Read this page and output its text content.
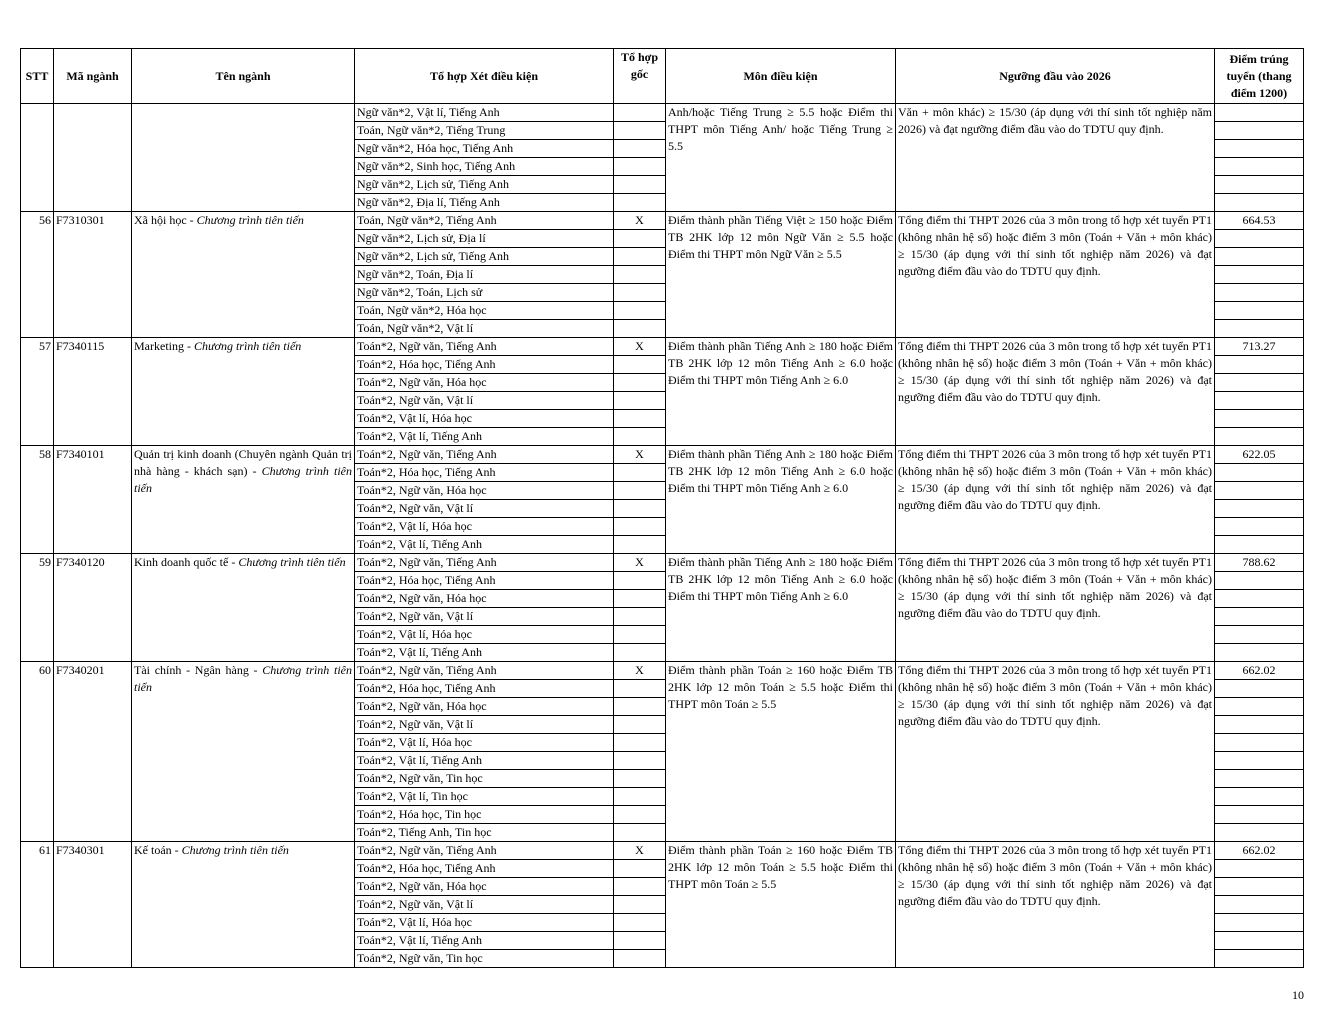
STT	Mã ngành	Tên ngành	Tổ hợp Xét điều kiện	Tổ hợp gốc	Môn điều kiện	Ngưỡng đầu vào 2026	Điểm trúng tuyển (thang điểm 1200)
			Ngữ văn*2, Vật lí, Tiếng Anh		Anh/hoặc Tiếng Trung ≥ 5.5 hoặc Điểm thi THPT môn Tiếng Anh/ hoặc Tiếng Trung ≥ 5.5	Văn + môn khác) ≥ 15/30 (áp dụng với thí sinh tốt nghiệp năm 2026) và đạt ngưỡng điểm đầu vào do TDTU quy định.	
			Toán, Ngữ văn*2, Tiếng Trung				
			Ngữ văn*2, Hóa học, Tiếng Anh				
			Ngữ văn*2, Sinh học, Tiếng Anh				
			Ngữ văn*2, Lịch sử, Tiếng Anh				
			Ngữ văn*2, Địa lí, Tiếng Anh				
56	F7310301	Xã hội học - Chương trình tiên tiến	Toán, Ngữ văn*2, Tiếng Anh	X	Điểm thành phần Tiếng Việt ≥ 150 hoặc Điểm TB 2HK lớp 12 môn Ngữ Văn ≥ 5.5 hoặc Điểm thi THPT môn Ngữ Văn ≥ 5.5	Tổng điểm thi THPT 2026 của 3 môn trong tổ hợp xét tuyển PT1 (không nhân hệ số) hoặc điểm 3 môn (Toán + Văn + môn khác) ≥ 15/30 (áp dụng với thí sinh tốt nghiệp năm 2026) và đạt ngưỡng điểm đầu vào do TDTU quy định.	664.53
			Ngữ văn*2, Lịch sử, Địa lí				
			Ngữ văn*2, Lịch sử, Tiếng Anh				
			Ngữ văn*2, Toán, Địa lí				
			Ngữ văn*2, Toán, Lịch sử				
			Toán, Ngữ văn*2, Hóa học				
			Toán, Ngữ văn*2, Vật lí				
57	F7340115	Marketing - Chương trình tiên tiến	Toán*2, Ngữ văn, Tiếng Anh	X	Điểm thành phần Tiếng Anh ≥ 180 hoặc Điểm TB 2HK lớp 12 môn Tiếng Anh ≥ 6.0 hoặc Điểm thi THPT môn Tiếng Anh ≥ 6.0	Tổng điểm thi THPT 2026 của 3 môn trong tổ hợp xét tuyển PT1 (không nhân hệ số) hoặc điểm 3 môn (Toán + Văn + môn khác) ≥ 15/30 (áp dụng với thí sinh tốt nghiệp năm 2026) và đạt ngưỡng điểm đầu vào do TDTU quy định.	713.27
			Toán*2, Hóa học, Tiếng Anh				
			Toán*2, Ngữ văn, Hóa học				
			Toán*2, Ngữ văn, Vật lí				
			Toán*2, Vật lí, Hóa học				
			Toán*2, Vật lí, Tiếng Anh				
58	F7340101	Quản trị kinh doanh (Chuyên ngành Quản trị nhà hàng - khách sạn) - Chương trình tiên tiến	Toán*2, Ngữ văn, Tiếng Anh	X	Điểm thành phần Tiếng Anh ≥ 180 hoặc Điểm TB 2HK lớp 12 môn Tiếng Anh ≥ 6.0 hoặc Điểm thi THPT môn Tiếng Anh ≥ 6.0	Tổng điểm thi THPT 2026 của 3 môn trong tổ hợp xét tuyển PT1 (không nhân hệ số) hoặc điểm 3 môn (Toán + Văn + môn khác) ≥ 15/30 (áp dụng với thí sinh tốt nghiệp năm 2026) và đạt ngưỡng điểm đầu vào do TDTU quy định.	622.05
			Toán*2, Hóa học, Tiếng Anh				
			Toán*2, Ngữ văn, Hóa học				
			Toán*2, Ngữ văn, Vật lí				
			Toán*2, Vật lí, Hóa học				
			Toán*2, Vật lí, Tiếng Anh				
59	F7340120	Kinh doanh quốc tế - Chương trình tiên tiến	Toán*2, Ngữ văn, Tiếng Anh	X	Điểm thành phần Tiếng Anh ≥ 180 hoặc Điểm TB 2HK lớp 12 môn Tiếng Anh ≥ 6.0 hoặc Điểm thi THPT môn Tiếng Anh ≥ 6.0	Tổng điểm thi THPT 2026 của 3 môn trong tổ hợp xét tuyển PT1 (không nhân hệ số) hoặc điểm 3 môn (Toán + Văn + môn khác) ≥ 15/30 (áp dụng với thí sinh tốt nghiệp năm 2026) và đạt ngưỡng điểm đầu vào do TDTU quy định.	788.62
			Toán*2, Hóa học, Tiếng Anh				
			Toán*2, Ngữ văn, Hóa học				
			Toán*2, Ngữ văn, Vật lí				
			Toán*2, Vật lí, Hóa học				
			Toán*2, Vật lí, Tiếng Anh				
60	F7340201	Tài chính - Ngân hàng - Chương trình tiên tiến	Toán*2, Ngữ văn, Tiếng Anh	X	Điểm thành phần Toán ≥ 160 hoặc Điểm TB 2HK lớp 12 môn Toán ≥ 5.5 hoặc Điểm thi THPT môn Toán ≥ 5.5	Tổng điểm thi THPT 2026 của 3 môn trong tổ hợp xét tuyển PT1 (không nhân hệ số) hoặc điểm 3 môn (Toán + Văn + môn khác) ≥ 15/30 (áp dụng với thí sinh tốt nghiệp năm 2026) và đạt ngưỡng điểm đầu vào do TDTU quy định.	662.02
			Toán*2, Hóa học, Tiếng Anh				
			Toán*2, Ngữ văn, Hóa học				
			Toán*2, Ngữ văn, Vật lí				
			Toán*2, Vật lí, Hóa học				
			Toán*2, Vật lí, Tiếng Anh				
			Toán*2, Ngữ văn, Tin học				
			Toán*2, Vật lí, Tin học				
			Toán*2, Hóa học, Tin học				
			Toán*2, Tiếng Anh, Tin học				
61	F7340301	Kế toán - Chương trình tiên tiến	Toán*2, Ngữ văn, Tiếng Anh	X	Điểm thành phần Toán ≥ 160 hoặc Điểm TB 2HK lớp 12 môn Toán ≥ 5.5 hoặc Điểm thi THPT môn Toán ≥ 5.5	Tổng điểm thi THPT 2026 của 3 môn trong tổ hợp xét tuyển PT1 (không nhân hệ số) hoặc điểm 3 môn (Toán + Văn + môn khác) ≥ 15/30 (áp dụng với thí sinh tốt nghiệp năm 2026) và đạt ngưỡng điểm đầu vào do TDTU quy định.	662.02
			Toán*2, Hóa học, Tiếng Anh				
			Toán*2, Ngữ văn, Hóa học				
			Toán*2, Ngữ văn, Vật lí				
			Toán*2, Vật lí, Hóa học				
			Toán*2, Vật lí, Tiếng Anh				
			Toán*2, Ngữ văn, Tin học				
10
